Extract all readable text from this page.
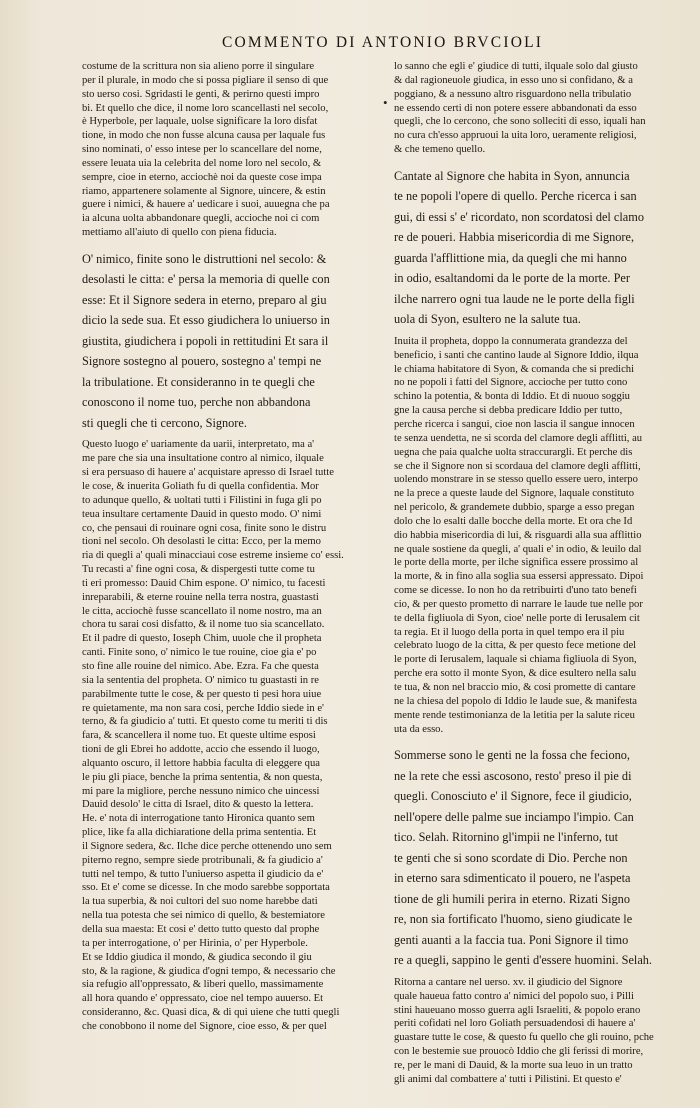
COMMENTO DI ANTONIO BRVCIOLI
•
costume de la scrittura non sia alieno porre il singulare
per il plurale, in modo che si possa pigliare il senso di que
sto uerso cosi. Sgridasti le genti, & perirno questi impro
bi. Et quello che dice, il nome loro scancellasti nel secolo,
è Hyperbole, per laquale, uolse significare la loro disfat
tione, in modo che non fusse alcuna causa per laquale fus
sino nominati, o' esso intese per lo scancellare del nome,
essere leuata uia la celebrita del nome loro nel secolo, &
sempre, cioe in eterno, acciochè noi da queste cose impa
riamo, appartenere solamente al Signore, uincere, & estin
guere i nimici, & hauere a' uedicare i suoi, auuegna che pa
ia alcuna uolta abbandonare quegli, accioche noi ci com
mettiamo all'aiuto di quello con piena fiducia.
O' nimico, finite sono le distruttioni nel secolo: &
desolasti le citta: e' persa la memoria di quelle con
esse: Et il Signore sedera in eterno, preparo al giu
dicio la sede sua. Et esso giudichera lo uniuerso in
giustita, giudichera i popoli in rettitudini Et sara il
Signore sostegno al pouero, sostegno a' tempi ne
la tribulatione. Et consideranno in te quegli che
conoscono il nome tuo, perche non abbandona
sti quegli che ti cercono, Signore.
Questo luogo e' uariamente da uarii, interpretato, ma a'
me pare che sia una insultatione contro al nimico, ilquale
si era persuaso di hauere a' acquistare apresso di Israel tutte
le cose, & inuerita Goliath fu di quella confidentia. Mor
to adunque quello, & uoltati tutti i Filistini in fuga gli po
teua insultare certamente Dauid in questo modo. O' nimi
co, che pensaui di rouinare ogni cosa, finite sono le distru
tioni nel secolo. Oh desolasti le citta: Ecco, per la memo
ria di quegli a' quali minacciaui cose estreme insieme co' essi.
Tu recasti a' fine ogni cosa, & dispergesti tutte come tu
ti eri promesso: Dauid Chim espone. O' nimico, tu facesti
inreparabili, & eterne rouine nella terra nostra, guastasti
le citta, acciochè fusse scancellato il nome nostro, ma an
chora tu sarai cosi disfatto, & il nome tuo sia scancellato.
Et il padre di questo, Ioseph Chim, uuole che il propheta
canti. Finite sono, o' nimico le tue rouine, cioe gia e' po
sto fine alle rouine del nimico. Abe. Ezra. Fa che questa
sia la sententia del propheta. O' nimico tu guastasti in re
parabilmente tutte le cose, & per questo ti pesi hora uiue
re quietamente, ma non sara cosi, perche Iddio siede in e'
terno, & fa giudicio a' tutti. Et questo come tu meriti ti dis
fara, & scancellera il nome tuo. Et queste ultime esposi
tioni de gli Ebrei ho addotte, accio che essendo il luogo,
alquanto oscuro, il lettore habbia faculta di eleggere qua
le piu gli piace, benche la prima sententia, & non questa,
mi pare la migliore, perche nessuno nimico che uincessi
Dauid desolo' le citta di Israel, dito & questo la lettera.
He. e' nota di interrogatione tanto Hironica quanto sem
plice, like fa alla dichiaratione della prima sententia. Et
il Signore sedera, &c. Ilche dice perche ottenendo uno sem
piterno regno, sempre siede protribunali, & fa giudicio a'
tutti nel tempo, & tutto l'uniuerso aspetta il giudicio da e'
sso. Et e' come se dicesse. In che modo sarebbe sopportata
la tua superbia, & noi cultori del suo nome harebbe dati
nella tua potesta che sei nimico di quello, & bestemiatore
della sua maesta: Et cosi e' detto tutto questo dal prophe
ta per interrogatione, o' per Hirinia, o' per Hyperbole.
Et se Iddio giudica il mondo, & giudica secondo il giu
sto, & la ragione, & giudica d'ogni tempo, & necessario che
sia refugio all'oppressato, & liberi quello, massimamente
all hora quando e' oppressato, cioe nel tempo auuerso. Et
consideranno, &c. Quasi dica, & di qui uiene che tutti quegli
che conobbono il nome del Signore, cioe esso, & per quel
lo sanno che egli e' giudice di tutti, ilquale solo dal giusto
& dal ragioneuole giudica, in esso uno si confidano, & a
poggiano, & a nessuno altro risguardono nella tribulatio
ne essendo certi di non potere essere abbandonati da esso
quegli, che lo cercono, che sono solleciti di esso, iquali han
no cura ch'esso appruoui la uita loro, ueramente religiosi,
& che temeno quello.
Cantate al Signore che habita in Syon, annuncia
te ne popoli l'opere di quello. Perche ricerca i san
gui, di essi s' e' ricordato, non scordatosi del clamo
re de poueri. Habbia misericordia di me Signore,
guarda l'afflittione mia, da quegli che mi hanno
in odio, esaltandomi da le porte de la morte. Per
ilche narrero ogni tua laude ne le porte della figli
uola di Syon, esultero ne la salute tua.
Inuita il propheta, doppo la connumerata grandezza del
beneficio, i santi che cantino laude al Signore Iddio, ilqua
le chiama habitatore di Syon, & comanda che si predichi
no ne popoli i fatti del Signore, accioche per tutto cono
schino la potentia, & bonta di Iddio. Et di nuouo soggiu
gne la causa perche si debba predicare Iddio per tutto,
perche ricerca i sangui, cioe non lascia il sangue innocen
te senza uendetta, ne si scorda del clamore degli afflitti, au
uegna che paia qualche uolta straccurargli. Et perche dis
se che il Signore non si scordaua del clamore degli afflitti,
uolendo monstrare in se stesso quello essere uero, interpo
ne la prece a queste laude del Signore, laquale constituto
nel pericolo, & grandemete dubbio, sparge a esso pregan
dolo che lo esalti dalle bocche della morte. Et ora che Id
dio habbia misericordia di lui, & risguardi alla sua afflittio
ne quale sostiene da quegli, a' quali e' in odio, & leuilo dal
le porte della morte, per ilche significa essere prossimo al
la morte, & in fino alla soglia sua essersi appressato. Dipoi
come se dicesse. Io non ho da retribuirti d'uno tato benefi
cio, & per questo prometto di narrare le laude tue nelle por
te della figliuola di Syon, cioe' nelle porte di Ierusalem cit
ta regia. Et il luogo della porta in quel tempo era il piu
celebrato luogo de la citta, & per questo fece metione del
le porte di Ierusalem, laquale si chiama figliuola di Syon,
perche era sotto il monte Syon, & dice esultero nella salu
te tua, & non nel braccio mio, & cosi promette di cantare
ne la chiesa del popolo di Iddio le laude sue, & manifesta
mente rende testimonianza de la letitia per la salute riceu
uta da esso.
Sommerse sono le genti ne la fossa che feciono,
ne la rete che essi ascosono, resto' preso il pie di
quegli. Conosciuto e' il Signore, fece il giudicio,
nell'opere delle palme sue inciampo l'impio. Can
tico. Selah. Ritornino gl'impii ne l'inferno, tut
te genti che si sono scordate di Dio. Perche non
in eterno sara sdimenticato il pouero, ne l'aspeta
tione de gli humili perira in eterno. Rizati Signo
re, non sia fortificato l'huomo, sieno giudicate le
genti auanti a la faccia tua. Poni Signore il timo
re a quegli, sappino le genti d'essere huomini. Selah.
Ritorna a cantare nel uerso. xv. il giudicio del Signore
quale haueua fatto contro a' nimici del popolo suo, i Pilli
stini haueuano mosso guerra agli Israeliti, & popolo erano
periti cofidati nel loro Goliath persuadendosi di hauere a'
guastare tutte le cose, & questo fu quello che gli rouino, pche
con le bestemie sue prouocò Iddio che gli ferissi di morire,
re, per le mani di Dauid, & la morte sua leuo in un tratto
gli animi dal combattere a' tutti i Pilistini. Et questo e'
